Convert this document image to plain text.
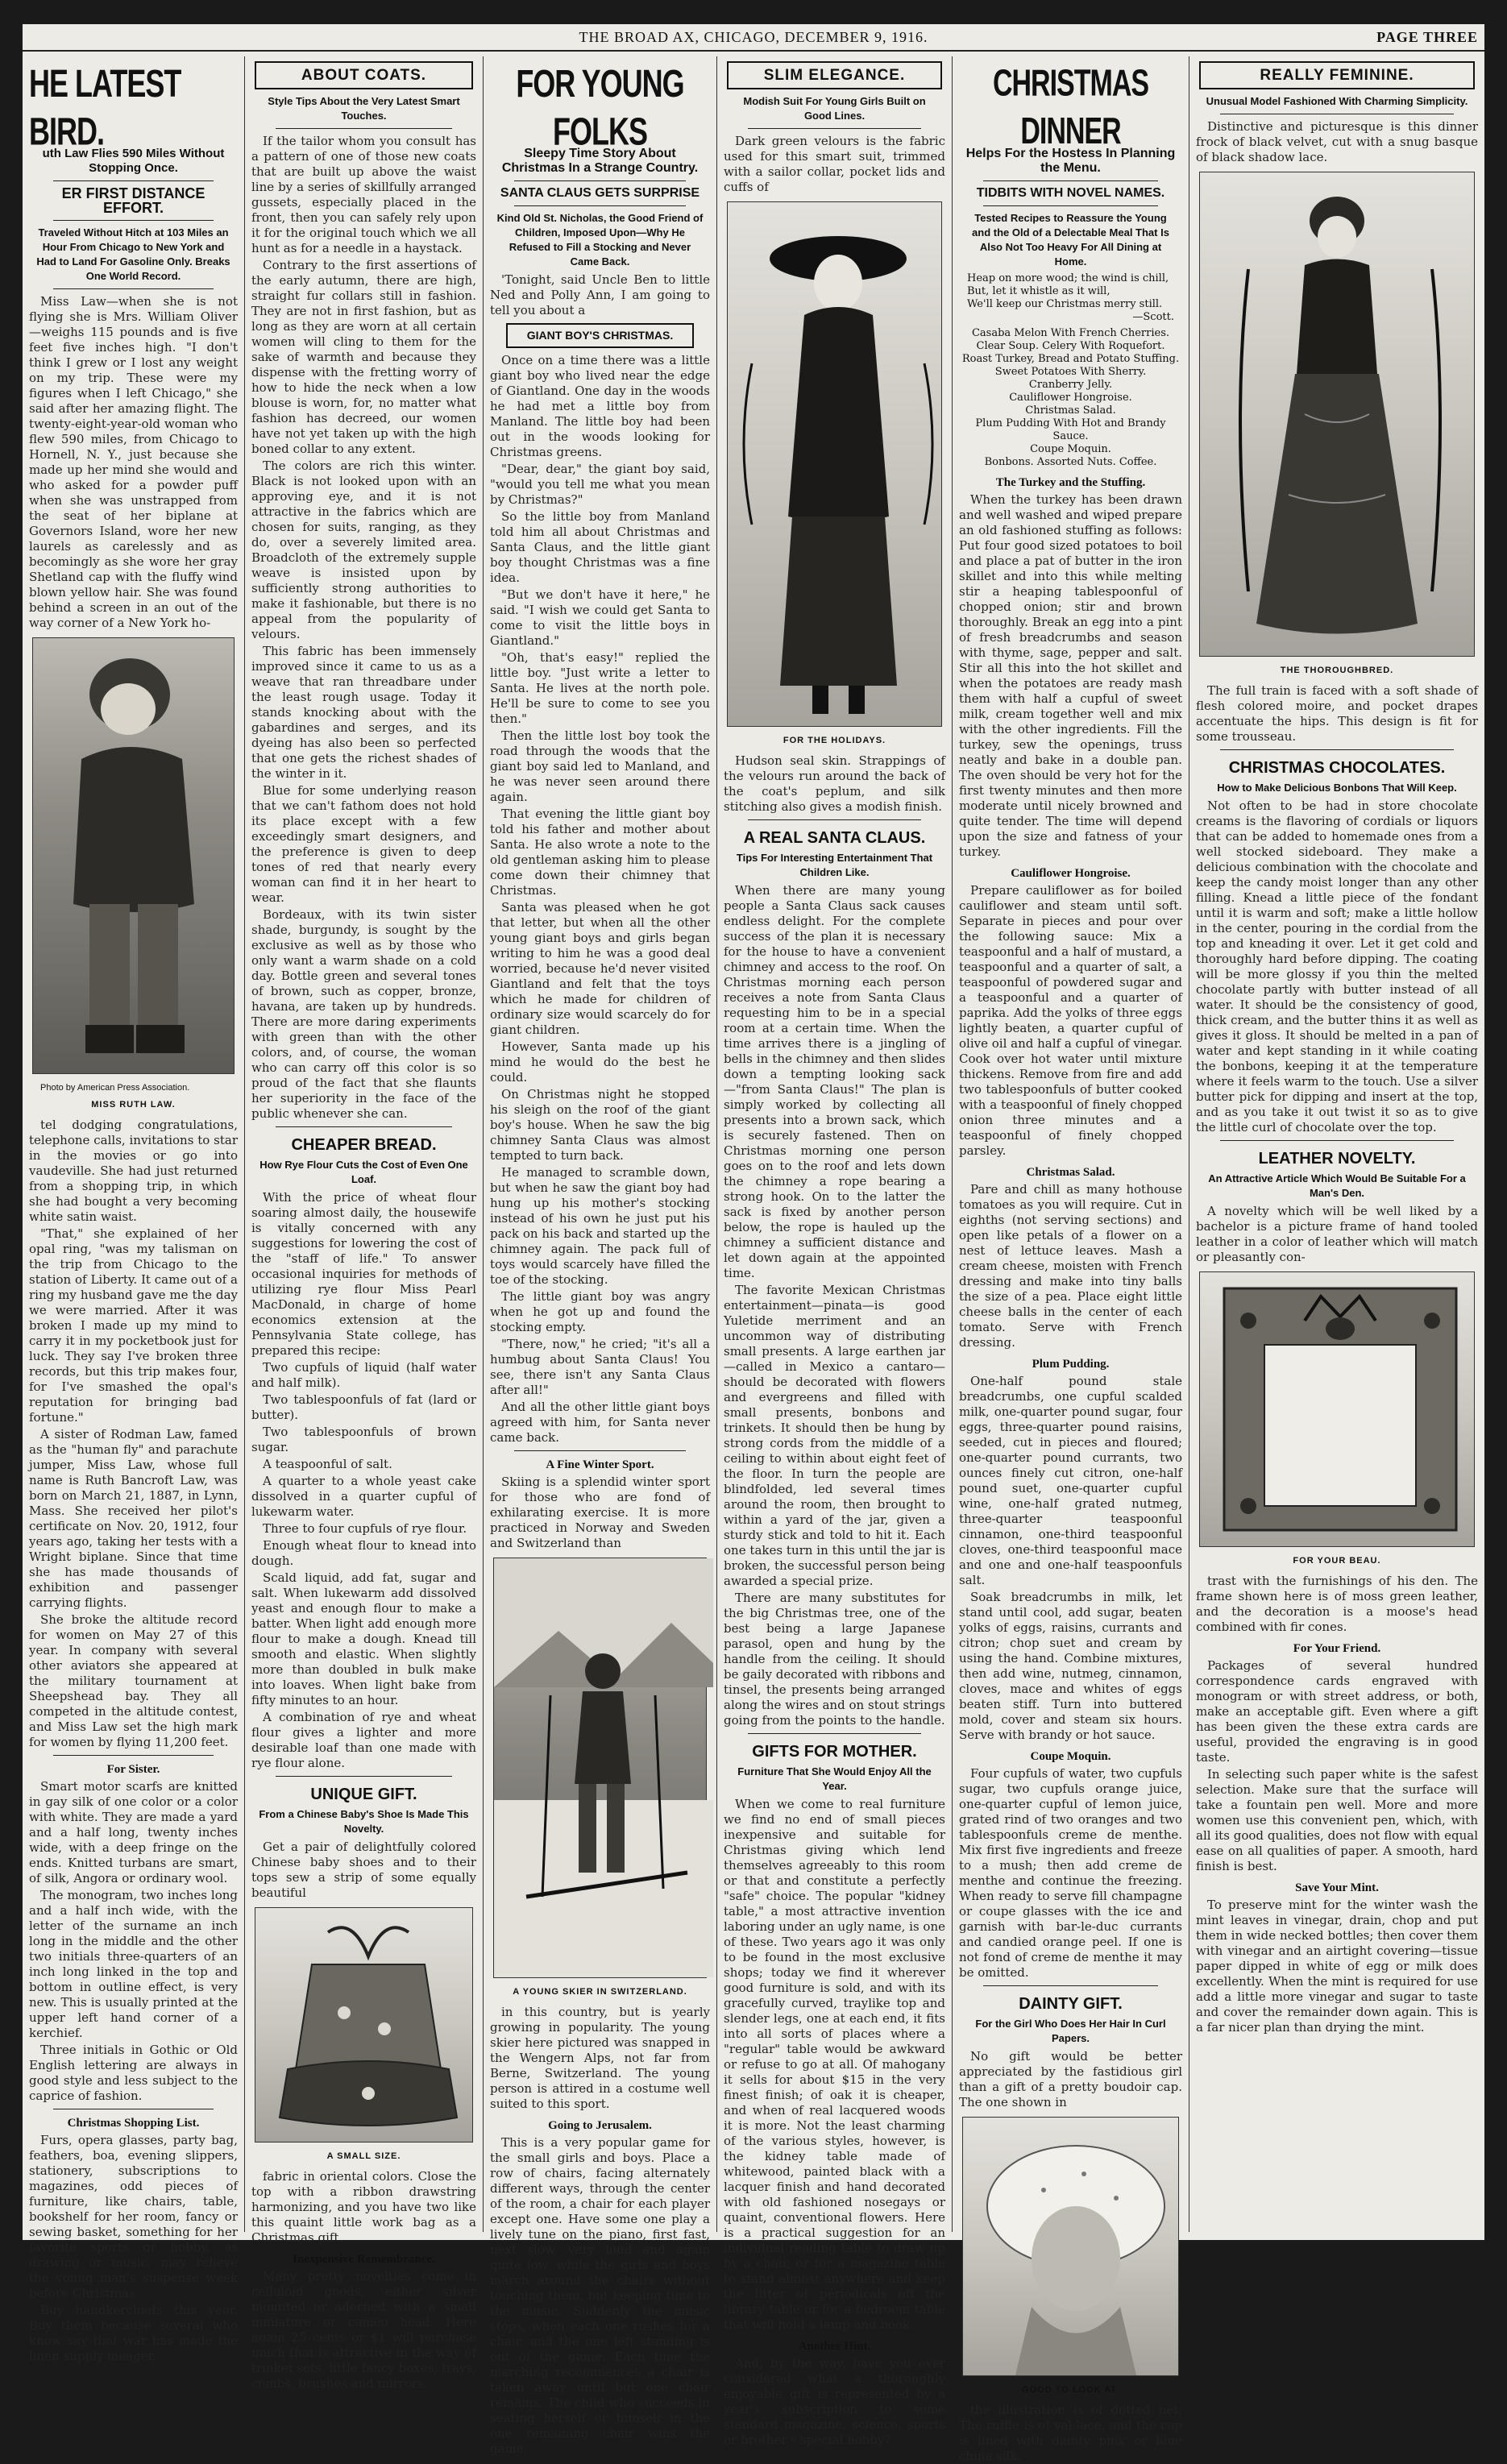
THE BROAD AX, CHICAGO, DECEMBER 9, 1916.	PAGE THREE
HE LATEST BIRD.
uth Law Flies 590 Miles Without Stopping Once.
ER FIRST DISTANCE EFFORT.
Traveled Without Hitch at 103 Miles an Hour From Chicago to New York and Had to Land For Gasoline Only. Breaks One World Record.

Miss Law—when she is not flying she is Mrs. William Oliver—weighs 115 pounds and is five feet five inches high. "I don't think I grew or I lost any weight on my trip. These were my figures when I left Chicago," she said after her amazing flight. The twenty-eight-year-old woman who flew 590 miles, from Chicago to Hornell, N. Y., just because she made up her mind she would and who asked for a powder puff when she was unstrapped from the seat of her biplane at Governors Island, wore her new laurels as carelessly and as becomingly as she wore her gray Shetland cap with the fluffy wind blown yellow hair. She was found behind a screen in an out of the way corner of a New York ho-

Photo by American Press Association.

MISS RUTH LAW.

tel dodging congratulations, telephone calls, invitations to star in the movies or go into vaudeville. She had just returned from a shopping trip, in which she had bought a very becoming white satin waist.

"That," she explained of her opal ring, "was my talisman on the trip from Chicago to the station of Liberty. It came out of a ring my husband gave me the day we were married. After it was broken I made up my mind to carry it in my pocketbook just for luck. They say I've broken three records, but this trip makes four, for I've smashed the opal's reputation for bringing bad fortune."

A sister of Rodman Law, famed as the "human fly" and parachute jumper, Miss Law, whose full name is Ruth Bancroft Law, was born on March 21, 1887, in Lynn, Mass. She received her pilot's certificate on Nov. 20, 1912, four years ago, taking her tests with a Wright biplane. Since that time she has made thousands of exhibition and passenger carrying flights.

She broke the altitude record for women on May 27 of this year. In company with several other aviators she appeared at the military tournament at Sheepshead bay. They all competed in the altitude contest, and Miss Law set the high mark for women by flying 11,200 feet.

For Sister.

Smart motor scarfs are knitted in gay silk of one color or a color with white. They are made a yard and a half long, twenty inches wide, with a deep fringe on the ends. Knitted turbans are smart, of silk, Angora or ordinary wool.

The monogram, two inches long and a half inch wide, with the letter of the surname an inch long in the middle and the other two initials three-quarters of an inch long linked in the top and bottom in outline effect, is very new. This is usually printed at the upper left hand corner of a kerchief.

Three initials in Gothic or Old English lettering are always in good style and less subject to the caprice of fashion.

Christmas Shopping List.

Furs, opera glasses, party bag, feathers, boa, evening slippers, stationery, subscriptions to magazines, odd pieces of furniture, like chairs, table, bookshelf for her room, fancy or sewing basket, something for her favorite sports or hobby, as drawing or music, may relieve the young man's suspense week before Christmas.

Buy handkerchiefs this year. Buy them because several who know say that war has made the linen supply meager.

ABOUT COATS.
Style Tips About the Very Latest Smart Touches.

If the tailor whom you consult has a pattern of one of those new coats that are built up above the waist line by a series of skillfully arranged gussets, especially placed in the front, then you can safely rely upon it for the original touch which we all hunt as for a needle in a haystack.

Contrary to the first assertions of the early autumn, there are high, straight fur collars still in fashion. They are not in first fashion, but as long as they are worn at all certain women will cling to them for the sake of warmth and because they dispense with the fretting worry of how to hide the neck when a low blouse is worn, for, no matter what fashion has decreed, our women have not yet taken up with the high boned collar to any extent.

The colors are rich this winter. Black is not looked upon with an approving eye, and it is not attractive in the fabrics which are chosen for suits, ranging, as they do, over a severely limited area. Broadcloth of the extremely supple weave is insisted upon by sufficiently strong authorities to make it fashionable, but there is no appeal from the popularity of velours.

This fabric has been immensely improved since it came to us as a weave that ran threadbare under the least rough usage. Today it stands knocking about with the gabardines and serges, and its dyeing has also been so perfected that one gets the richest shades of the winter in it.

Blue for some underlying reason that we can't fathom does not hold its place except with a few exceedingly smart designers, and the preference is given to deep tones of red that nearly every woman can find it in her heart to wear.

Bordeaux, with its twin sister shade, burgundy, is sought by the exclusive as well as by those who only want a warm shade on a cold day. Bottle green and several tones of brown, such as copper, bronze, havana, are taken up by hundreds. There are more daring experiments with green than with the other colors, and, of course, the woman who can carry off this color is so proud of the fact that she flaunts her superiority in the face of the public whenever she can.

CHEAPER BREAD.
How Rye Flour Cuts the Cost of Even One Loaf.

With the price of wheat flour soaring almost daily, the housewife is vitally concerned with any suggestions for lowering the cost of the "staff of life." To answer occasional inquiries for methods of utilizing rye flour Miss Pearl MacDonald, in charge of home economics extension at the Pennsylvania State college, has prepared this recipe:

Two cupfuls of liquid (half water and half milk).

Two tablespoonfuls of fat (lard or butter).

Two tablespoonfuls of brown sugar.

A teaspoonful of salt.

A quarter to a whole yeast cake dissolved in a quarter cupful of lukewarm water.

Three to four cupfuls of rye flour.

Enough wheat flour to knead into dough.

Scald liquid, add fat, sugar and salt. When lukewarm add dissolved yeast and enough flour to make a batter. When light add enough more flour to make a dough. Knead till smooth and elastic. When slightly more than doubled in bulk make into loaves. When light bake from fifty minutes to an hour.

A combination of rye and wheat flour gives a lighter and more desirable loaf than one made with rye flour alone.

UNIQUE GIFT.
From a Chinese Baby's Shoe Is Made This Novelty.

Get a pair of delightfully colored Chinese baby shoes and to their tops sew a strip of some equally beautiful

A SMALL SIZE.

fabric in oriental colors. Close the top with a ribbon drawstring harmonizing, and you have two like this quaint little work bag as a Christmas gift.

Inexpensive Remembrance.

Many pretty novelties come in celluloid goods, either silver mounted or adorned with a small miniature or cameo head. Here again 25 cents or $1 will purchase much that is attractive in the way of trinket sets, little fancy boxes, trays, combs, brushes and mirrors.

FOR YOUNG FOLKS
Sleepy Time Story About Christmas In a Strange Country.
SANTA CLAUS GETS SURPRISE
Kind Old St. Nicholas, the Good Friend of Children, Imposed Upon—Why He Refused to Fill a Stocking and Never Came Back.

'Tonight, said Uncle Ben to little Ned and Polly Ann, I am going to tell you about a

GIANT BOY'S CHRISTMAS.

Once on a time there was a little giant boy who lived near the edge of Giantland. One day in the woods he had met a little boy from Manland. The little boy had been out in the woods looking for Christmas greens.

"Dear, dear," the giant boy said, "would you tell me what you mean by Christmas?"

So the little boy from Manland told him all about Christmas and Santa Claus, and the little giant boy thought Christmas was a fine idea.

"But we don't have it here," he said. "I wish we could get Santa to come to visit the little boys in Giantland."

"Oh, that's easy!" replied the little boy. "Just write a letter to Santa. He lives at the north pole. He'll be sure to come to see you then."

Then the little lost boy took the road through the woods that the giant boy said led to Manland, and he was never seen around there again.

That evening the little giant boy told his father and mother about Santa. He also wrote a note to the old gentleman asking him to please come down their chimney that Christmas.

Santa was pleased when he got that letter, but when all the other young giant boys and girls began writing to him he was a good deal worried, because he'd never visited Giantland and felt that the toys which he made for children of ordinary size would scarcely do for giant children.

However, Santa made up his mind he would do the best he could.

On Christmas night he stopped his sleigh on the roof of the giant boy's house. When he saw the big chimney Santa Claus was almost tempted to turn back.

He managed to scramble down, but when he saw the giant boy had hung up his mother's stocking instead of his own he just put his pack on his back and started up the chimney again. The pack full of toys would scarcely have filled the toe of the stocking.

The little giant boy was angry when he got up and found the stocking empty.

"There, now," he cried; "it's all a humbug about Santa Claus! You see, there isn't any Santa Claus after all!"

And all the other little giant boys agreed with him, for Santa never came back.

A Fine Winter Sport.

Skiing is a splendid winter sport for those who are fond of exhilarating exercise. It is more practiced in Norway and Sweden and Switzerland than

A YOUNG SKIER IN SWITZERLAND.

in this country, but is yearly growing in popularity. The young skier here pictured was snapped in the Wengern Alps, not far from Berne, Switzerland. The young person is attired in a costume well suited to this sport.

Going to Jerusalem.

This is a very popular game for the small girls and boys. Place a row of chairs, facing alternately different ways, through the center of the room, a chair for each player except one. Have some one play a lively tune on the piano, first fast, next slow, very loud and again quite low, while the girls and boys march around the chairs without touching them, but keeping time to the music. Suddenly the music stops, when each one rushes for a chair, and the one left standing is out of the game. Each time the marching recommences a chair is taken away until but one chair remains. The child who succeeds in seating herself or himself in the one remaining chair wins the game.

SLIM ELEGANCE.
Modish Suit For Young Girls Built on Good Lines.

Dark green velours is the fabric used for this smart suit, trimmed with a sailor collar, pocket lids and cuffs of

FOR THE HOLIDAYS.

Hudson seal skin. Strappings of the velours run around the back of the coat's peplum, and silk stitching also gives a modish finish.

A REAL SANTA CLAUS.
Tips For Interesting Entertainment That Children Like.

When there are many young people a Santa Claus sack causes endless delight. For the complete success of the plan it is necessary for the house to have a convenient chimney and access to the roof. On Christmas morning each person receives a note from Santa Claus requesting him to be in a special room at a certain time. When the time arrives there is a jingling of bells in the chimney and then slides down a tempting looking sack—"from Santa Claus!" The plan is simply worked by collecting all presents into a brown sack, which is securely fastened. Then on Christmas morning one person goes on to the roof and lets down the chimney a rope bearing a strong hook. On to the latter the sack is fixed by another person below, the rope is hauled up the chimney a sufficient distance and let down again at the appointed time.

The favorite Mexican Christmas entertainment—pinata—is good Yuletide merriment and an uncommon way of distributing small presents. A large earthen jar—called in Mexico a cantaro—should be decorated with flowers and evergreens and filled with small presents, bonbons and trinkets. It should then be hung by strong cords from the middle of a ceiling to within about eight feet of the floor. In turn the people are blindfolded, led several times around the room, then brought to within a yard of the jar, given a sturdy stick and told to hit it. Each one takes turn in this until the jar is broken, the successful person being awarded a special prize.

There are many substitutes for the big Christmas tree, one of the best being a large Japanese parasol, open and hung by the handle from the ceiling. It should be gaily decorated with ribbons and tinsel, the presents being arranged along the wires and on stout strings going from the points to the handle.

GIFTS FOR MOTHER.
Furniture That She Would Enjoy All the Year.

When we come to real furniture we find no end of small pieces inexpensive and suitable for Christmas giving which lend themselves agreeably to this room or that and constitute a perfectly "safe" choice. The popular "kidney table," a most attractive invention laboring under an ugly name, is one of these. Two years ago it was only to be found in the most exclusive shops; today we find it wherever good furniture is sold, and with its gracefully curved, traylike top and slender legs, one at each end, it fits into all sorts of places where a "regular" table would be awkward or refuse to go at all. Of mahogany it sells for about $15 in the very finest finish; of oak it is cheaper, and when of real lacquered woods it is more. Not the least charming of the various styles, however, is the kidney table made of whitewood, painted black with a lacquer finish and hand decorated with old fashioned nosegays or quaint, conventional flowers. Here is a practical suggestion for an individual reading table to draw up by a chair, or for a magazine table to stand almost anywhere and keep the litter of periodicals off the library table or for a bedroom table that will hold a lamp and book.

Another Hint.

And, by the way, have you ever considered what a thoroughly enjoyable gift is represented by a year's subscription to some standard magazine, science, sports or brother's special hobby?

CHRISTMAS DINNER
Helps For the Hostess In Planning the Menu.
TIDBITS WITH NOVEL NAMES.
Tested Recipes to Reassure the Young and the Old of a Delectable Meal That Is Also Not Too Heavy For All Dining at Home.
Heap on more wood; the wind is chill,
But, let it whistle as it will,
We'll keep our Christmas merry still.
—Scott.
Casaba Melon With French Cherries.
Clear Soup. Celery With Roquefort.
Roast Turkey, Bread and Potato Stuffing.
Sweet Potatoes With Sherry.
Cranberry Jelly.
Cauliflower Hongroise.
Christmas Salad.
Plum Pudding With Hot and Brandy Sauce.
Coupe Moquin.
Bonbons. Assorted Nuts. Coffee.
The Turkey and the Stuffing.

When the turkey has been drawn and well washed and wiped prepare an old fashioned stuffing as follows: Put four good sized potatoes to boil and place a pat of butter in the iron skillet and into this while melting stir a heaping tablespoonful of chopped onion; stir and brown thoroughly. Break an egg into a pint of fresh breadcrumbs and season with thyme, sage, pepper and salt. Stir all this into the hot skillet and when the potatoes are ready mash them with half a cupful of sweet milk, cream together well and mix with the other ingredients. Fill the turkey, sew the openings, truss neatly and bake in a double pan. The oven should be very hot for the first twenty minutes and then more moderate until nicely browned and quite tender. The time will depend upon the size and fatness of your turkey.

Cauliflower Hongroise.

Prepare cauliflower as for boiled cauliflower and steam until soft. Separate in pieces and pour over the following sauce: Mix a teaspoonful and a half of mustard, a teaspoonful and a quarter of salt, a teaspoonful of powdered sugar and a teaspoonful and a quarter of paprika. Add the yolks of three eggs lightly beaten, a quarter cupful of olive oil and half a cupful of vinegar. Cook over hot water until mixture thickens. Remove from fire and add two tablespoonfuls of butter cooked with a teaspoonful of finely chopped onion three minutes and a teaspoonful of finely chopped parsley.

Christmas Salad.

Pare and chill as many hothouse tomatoes as you will require. Cut in eighths (not serving sections) and open like petals of a flower on a nest of lettuce leaves. Mash a cream cheese, moisten with French dressing and make into tiny balls the size of a pea. Place eight little cheese balls in the center of each tomato. Serve with French dressing.

Plum Pudding.

One-half pound stale breadcrumbs, one cupful scalded milk, one-quarter pound sugar, four eggs, three-quarter pound raisins, seeded, cut in pieces and floured; one-quarter pound currants, two ounces finely cut citron, one-half pound suet, one-quarter cupful wine, one-half grated nutmeg, three-quarter teaspoonful cinnamon, one-third teaspoonful cloves, one-third teaspoonful mace and one and one-half teaspoonfuls salt.

Soak breadcrumbs in milk, let stand until cool, add sugar, beaten yolks of eggs, raisins, currants and citron; chop suet and cream by using the hand. Combine mixtures, then add wine, nutmeg, cinnamon, cloves, mace and whites of eggs beaten stiff. Turn into buttered mold, cover and steam six hours. Serve with brandy or hot sauce.

Coupe Moquin.

Four cupfuls of water, two cupfuls sugar, two cupfuls orange juice, one-quarter cupful of lemon juice, grated rind of two oranges and two tablespoonfuls creme de menthe. Mix first five ingredients and freeze to a mush; then add creme de menthe and continue the freezing. When ready to serve fill champagne or coupe glasses with the ice and garnish with bar-le-duc currants and candied orange peel. If one is not fond of creme de menthe it may be omitted.

DAINTY GIFT.
For the Girl Who Does Her Hair In Curl Papers.

No gift would be better appreciated by the fastidious girl than a gift of a pretty boudoir cap. The one shown in

GOOD TO LOOK AT.

the illustration is of dotted net. The ruffle is of val lace, and the cap is lined with dainty pink or blue china silk.

REALLY FEMININE.
Unusual Model Fashioned With Charming Simplicity.

Distinctive and picturesque is this dinner frock of black velvet, cut with a snug basque of black shadow lace.

THE THOROUGHBRED.

The full train is faced with a soft shade of flesh colored moire, and pocket drapes accentuate the hips. This design is fit for some trousseau.

CHRISTMAS CHOCOLATES.
How to Make Delicious Bonbons That Will Keep.

Not often to be had in store chocolate creams is the flavoring of cordials or liquors that can be added to homemade ones from a well stocked sideboard. They make a delicious combination with the chocolate and keep the candy moist longer than any other filling. Knead a little piece of the fondant until it is warm and soft; make a little hollow in the center, pouring in the cordial from the top and kneading it over. Let it get cold and thoroughly hard before dipping. The coating will be more glossy if you thin the melted chocolate partly with butter instead of all water. It should be the consistency of good, thick cream, and the butter thins it as well as gives it gloss. It should be melted in a pan of water and kept standing in it while coating the bonbons, keeping it at the temperature where it feels warm to the touch. Use a silver butter pick for dipping and insert at the top, and as you take it out twist it so as to give the little curl of chocolate over the top.

LEATHER NOVELTY.
An Attractive Article Which Would Be Suitable For a Man's Den.

A novelty which will be well liked by a bachelor is a picture frame of hand tooled leather in a color of leather which will match or pleasantly con-

FOR YOUR BEAU.

trast with the furnishings of his den. The frame shown here is of moss green leather, and the decoration is a moose's head combined with fir cones.

For Your Friend.

Packages of several hundred correspondence cards engraved with monogram or with street address, or both, make an acceptable gift. Even where a gift has been given the these extra cards are useful, provided the engraving is in good taste.

In selecting such paper white is the safest selection. Make sure that the surface will take a fountain pen well. More and more women use this convenient pen, which, with all its good qualities, does not flow with equal ease on all qualities of paper. A smooth, hard finish is best.

Save Your Mint.

To preserve mint for the winter wash the mint leaves in vinegar, drain, chop and put them in wide necked bottles; then cover them with vinegar and an airtight covering—tissue paper dipped in white of egg or milk does excellently. When the mint is required for use add a little more vinegar and sugar to taste and cover the remainder down again. This is a far nicer plan than drying the mint.
